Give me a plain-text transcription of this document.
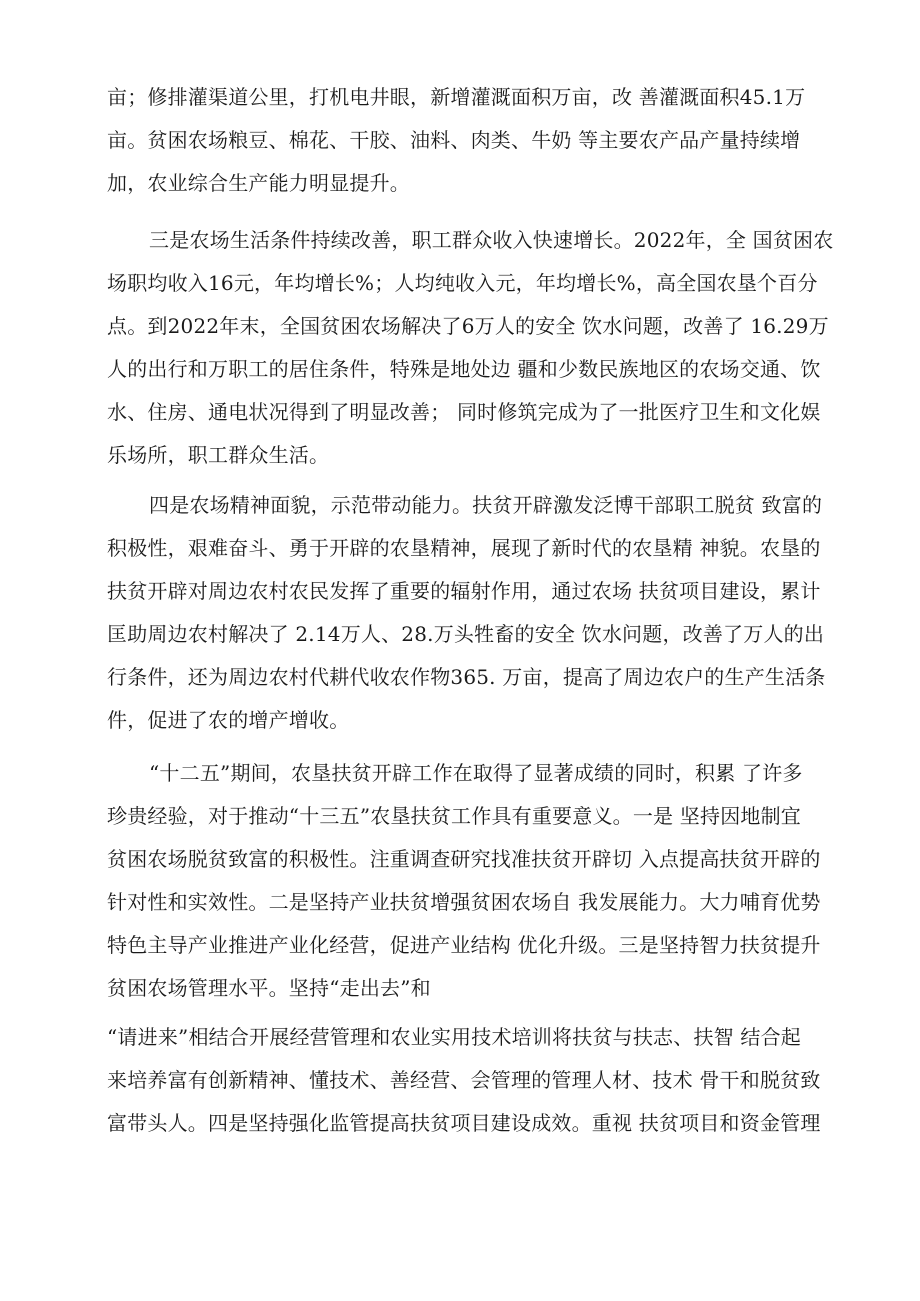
亩；修排灌渠道公里，打机电井眼，新增灌溉面积万亩，改 善灌溉面积45.1万
亩。贫困农场粮豆、棉花、干胶、油料、肉类、牛奶 等主要农产品产量持续增
加，农业综合生产能力明显提升。
三是农场生活条件持续改善，职工群众收入快速增长。2022年，全 国贫困农
场职均收入16元，年均增长%；人均纯收入元，年均增长%，高全国农垦个百分
点。到2022年末，全国贫困农场解决了6万人的安全 饮水问题，改善了 16.29万
人的出行和万职工的居住条件，特殊是地处边 疆和少数民族地区的农场交通、饮
水、住房、通电状况得到了明显改善； 同时修筑完成为了一批医疗卫生和文化娱
乐场所，职工群众生活。
四是农场精神面貌，示范带动能力。扶贫开辟激发泛博干部职工脱贫 致富的
积极性，艰难奋斗、勇于开辟的农垦精神，展现了新时代的农垦精 神貌。农垦的
扶贫开辟对周边农村农民发挥了重要的辐射作用，通过农场 扶贫项目建设，累计
匡助周边农村解决了 2.14万人、28.万头牲畜的安全 饮水问题，改善了万人的出
行条件，还为周边农村代耕代收农作物365. 万亩，提高了周边农户的生产生活条
件，促进了农的增产增收。
“十二五”期间，农垦扶贫开辟工作在取得了显著成绩的同时，积累 了许多
珍贵经验，对于推动“十三五”农垦扶贫工作具有重要意义。一是 坚持因地制宜
贫困农场脱贫致富的积极性。注重调查研究找准扶贫开辟切 入点提高扶贫开辟的
针对性和实效性。二是坚持产业扶贫增强贫困农场自 我发展能力。大力哺育优势
特色主导产业推进产业化经营，促进产业结构 优化升级。三是坚持智力扶贫提升
贫困农场管理水平。坚持“走出去”和
“请进来”相结合开展经营管理和农业实用技术培训将扶贫与扶志、扶智 结合起
来培养富有创新精神、懂技术、善经营、会管理的管理人材、技术 骨干和脱贫致
富带头人。四是坚持强化监管提高扶贫项目建设成效。重视 扶贫项目和资金管理
